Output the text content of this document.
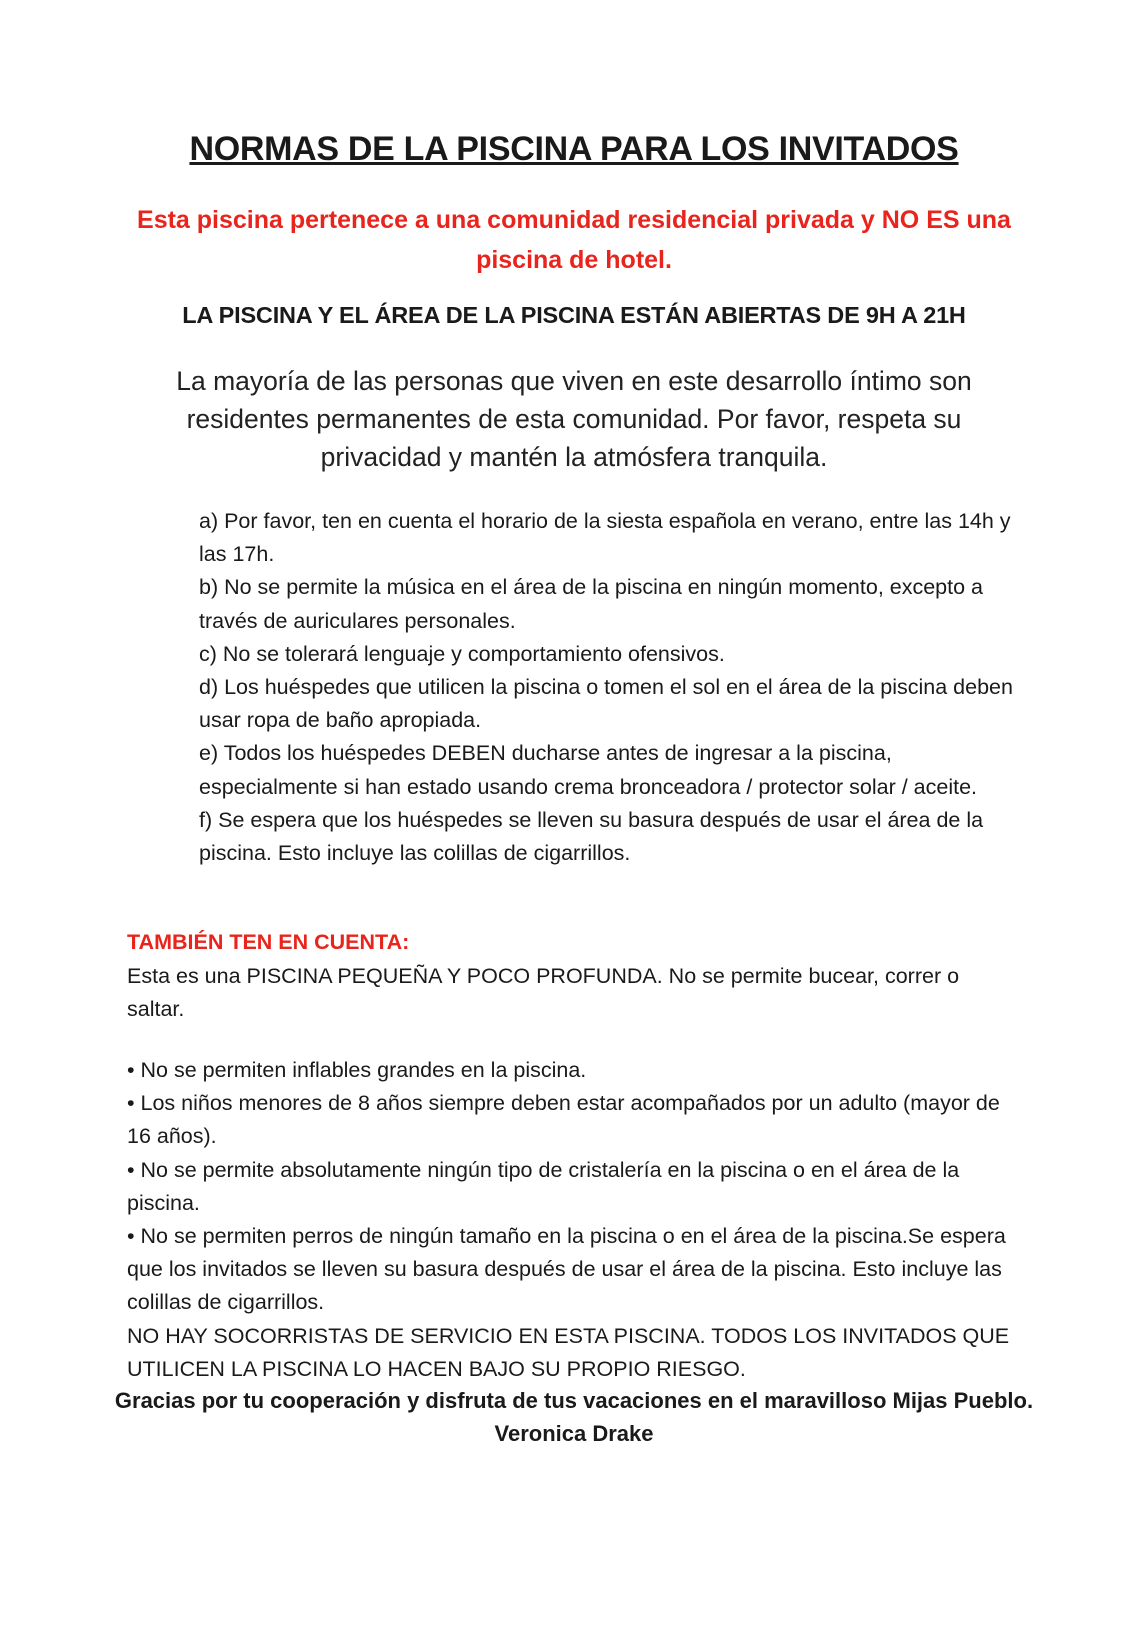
NORMAS DE LA PISCINA PARA LOS INVITADOS
Esta piscina pertenece a una comunidad residencial privada y NO ES una piscina de hotel.
LA PISCINA Y EL ÁREA DE LA PISCINA ESTÁN ABIERTAS DE 9H A 21H
La mayoría de las personas que viven en este desarrollo íntimo son residentes permanentes de esta comunidad. Por favor, respeta su privacidad y mantén la atmósfera tranquila.

a) Por favor, ten en cuenta el horario de la siesta española en verano, entre las 14h y las 17h.

b) No se permite la música en el área de la piscina en ningún momento, excepto a través de auriculares personales.

c) No se tolerará lenguaje y comportamiento ofensivos.

d) Los huéspedes que utilicen la piscina o tomen el sol en el área de la piscina deben usar ropa de baño apropiada.

e) Todos los huéspedes DEBEN ducharse antes de ingresar a la piscina, especialmente si han estado usando crema bronceadora / protector solar / aceite.

f) Se espera que los huéspedes se lleven su basura después de usar el área de la piscina. Esto incluye las colillas de cigarrillos.

TAMBIÉN TEN EN CUENTA:
Esta es una PISCINA PEQUEÑA Y POCO PROFUNDA. No se permite bucear, correr o saltar.

• No se permiten inflables grandes en la piscina.

• Los niños menores de 8 años siempre deben estar acompañados por un adulto (mayor de 16 años).

• No se permite absolutamente ningún tipo de cristalería en la piscina o en el área de la piscina.

• No se permiten perros de ningún tamaño en la piscina o en el área de la piscina.Se espera que los invitados se lleven su basura después de usar el área de la piscina. Esto incluye las colillas de cigarrillos.

NO HAY SOCORRISTAS DE SERVICIO EN ESTA PISCINA. TODOS LOS INVITADOS QUE UTILICEN LA PISCINA LO HACEN BAJO SU PROPIO RIESGO.
Gracias por tu cooperación y disfruta de tus vacaciones en el maravilloso Mijas Pueblo. Veronica Drake
